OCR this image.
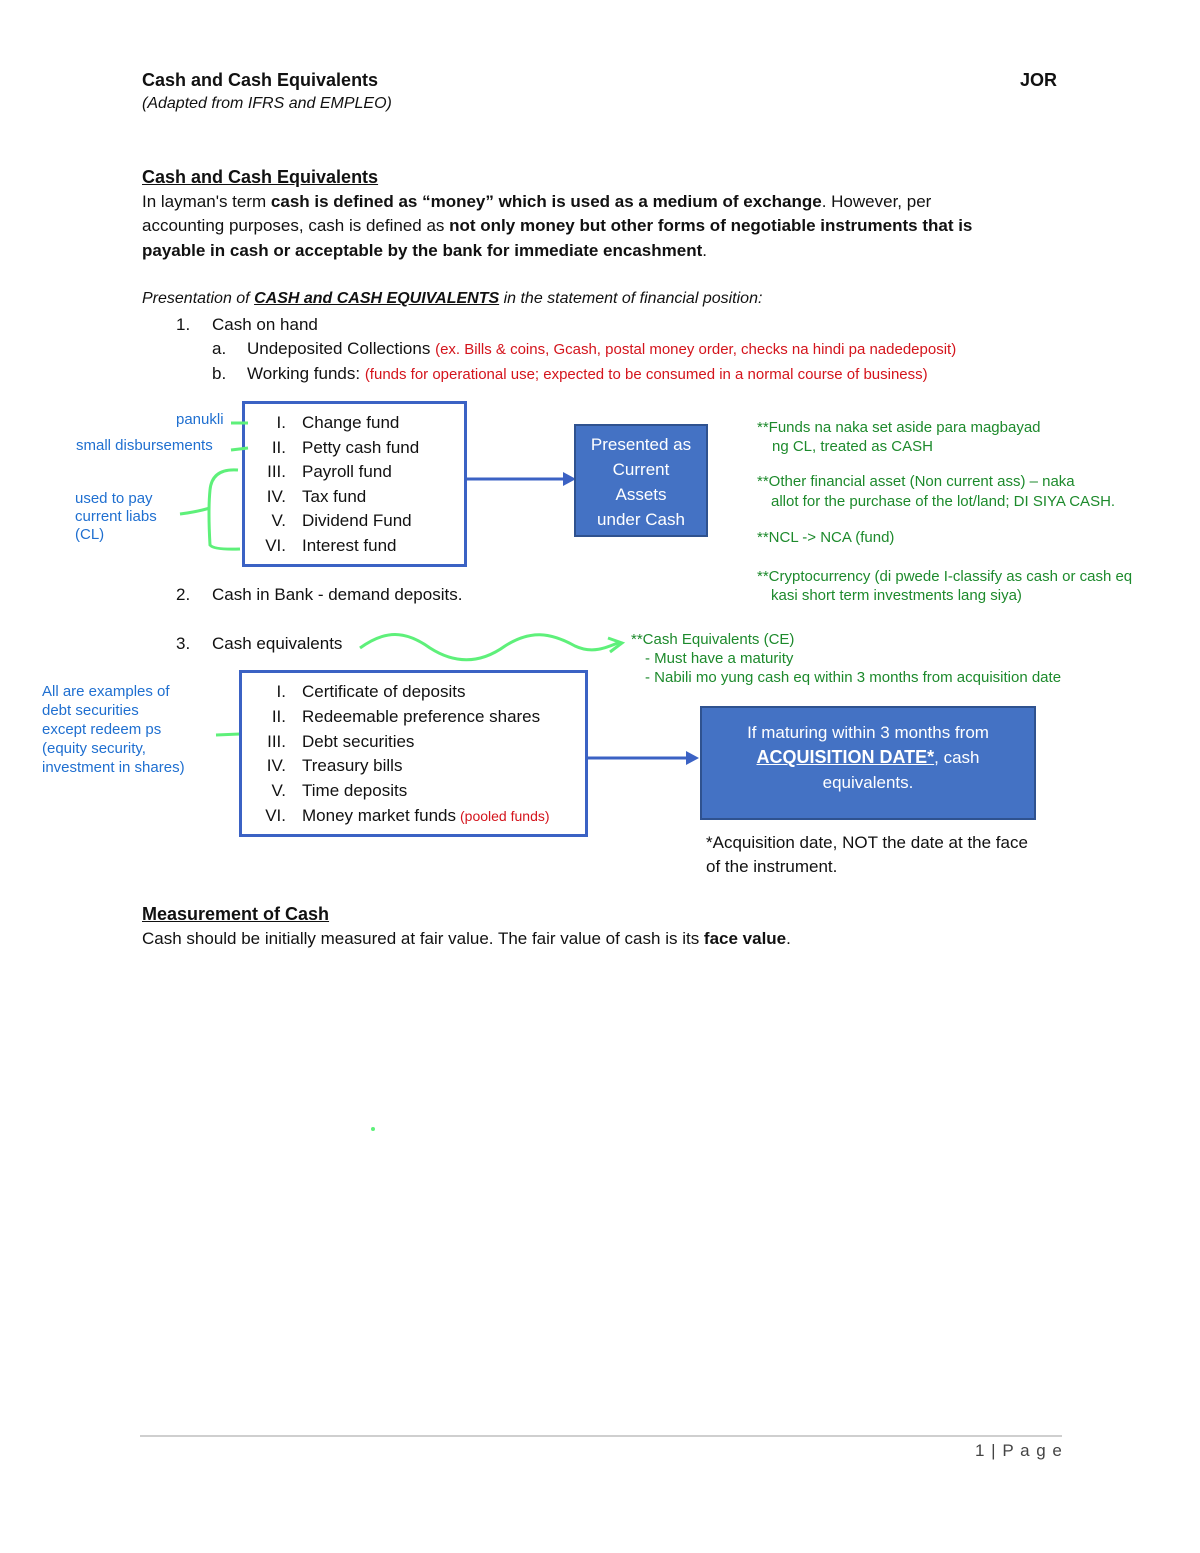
Cash and Cash Equivalents	JOR
(Adapted from IFRS and EMPLEO)
Cash and Cash Equivalents
In layman's term cash is defined as “money” which is used as a medium of exchange. However, per
accounting purposes, cash is defined as not only money but other forms of negotiable instruments that is
payable in cash or acceptable by the bank for immediate encashment.
Presentation of CASH and CASH EQUIVALENTS in the statement of financial position:
1. Cash on hand
a. Undeposited Collections (ex. Bills & coins, Gcash, postal money order, checks na hindi pa nadedeposit)
b. Working funds: (funds for operational use; expected to be consumed in a normal course of business)
panukli
small disbursements
used to pay
current liabs
(CL)
I. Change fund
II. Petty cash fund
III. Payroll fund
IV. Tax fund
V. Dividend Fund
VI. Interest fund
Presented as
Current
Assets
under Cash
**Funds na naka set aside para magbayad
ng CL, treated as CASH
**Other financial asset (Non current ass) – naka
allot for the purchase of the lot/land; DI SIYA CASH.
**NCL -> NCA (fund)
**Cryptocurrency (di pwede I-classify as cash or cash eq
kasi short term investments lang siya)
2. Cash in Bank - demand deposits.
3. Cash equivalents	**Cash Equivalents (CE)
- Must have a maturity
- Nabili mo yung cash eq within 3 months from acquisition date
All are examples of
debt securities
except redeem ps
(equity security,
investment in shares)
I. Certificate of deposits
II. Redeemable preference shares
III. Debt securities
IV. Treasury bills
V. Time deposits
VI. Money market funds (pooled funds)
If maturing within 3 months from
ACQUISITION DATE*, cash
equivalents.
*Acquisition date, NOT the date at the face
of the instrument.
Measurement of Cash
Cash should be initially measured at fair value. The fair value of cash is its face value.
1 | P a g e
